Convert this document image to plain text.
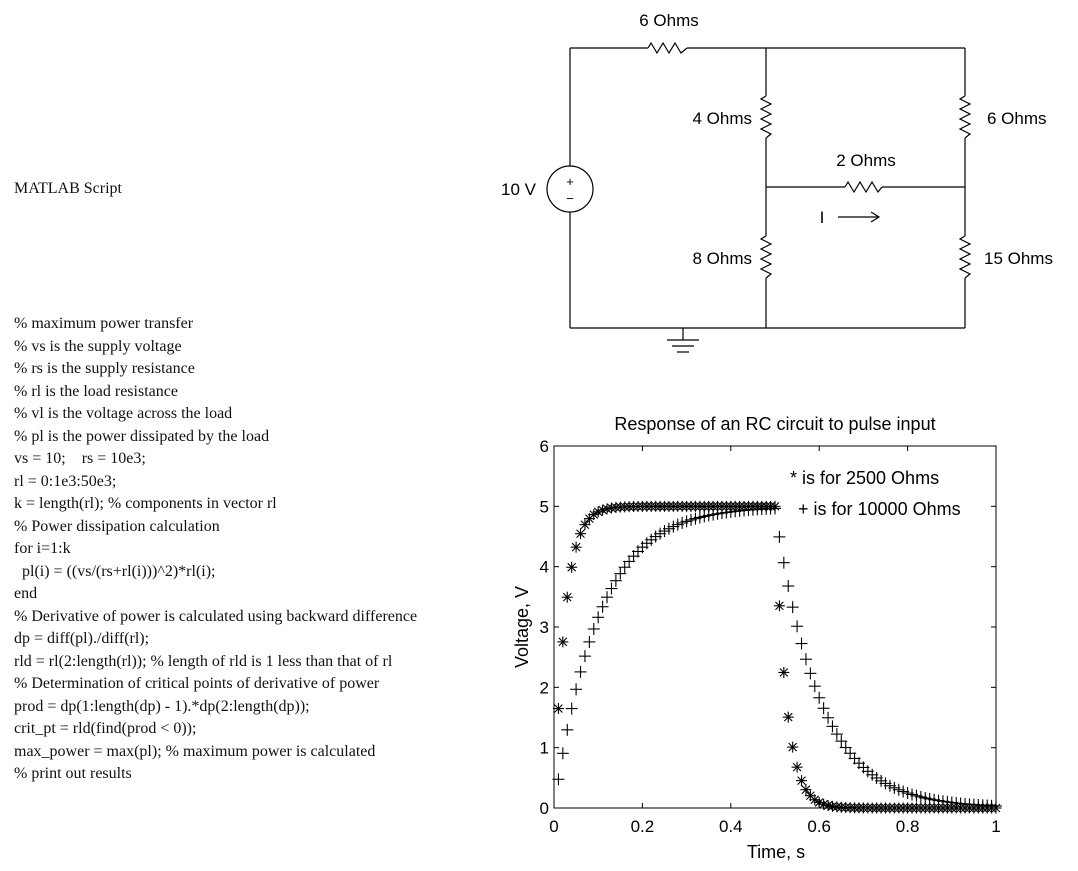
MATLAB Script

% maximum power transfer
% vs is the supply voltage
% rs is the supply resistance
% rl is the load resistance
% vl is the voltage across the load
% pl is the power dissipated by the load
vs = 10;    rs = 10e3;
rl = 0:1e3:50e3;
k = length(rl); % components in vector rl
% Power dissipation calculation
for i=1:k
pl(i) = ((vs/(rs+rl(i)))^2)*rl(i);
end
% Derivative of power is calculated using backward difference
dp = diff(pl)./diff(rl);
rld = rl(2:length(rl)); % length of rld is 1 less than that of rl
% Determination of critical points of derivative of power
prod = dp(1:length(dp) - 1).*dp(2:length(dp));
crit_pt = rld(find(prod < 0));
max_power = max(pl); % maximum power is calculated
% print out results

+
−
10 V
6 Ohms
4 Ohms
8 Ohms
6 Ohms
15 Ohms
2 Ohms
I
Response of an RC circuit to pulse input
Time, s
Voltage, V
* is for 2500 Ohms
+ is for 10000 Ohms
0	0.2	0.4	0.6	0.8	1
0
1
2
3
4
5
6
